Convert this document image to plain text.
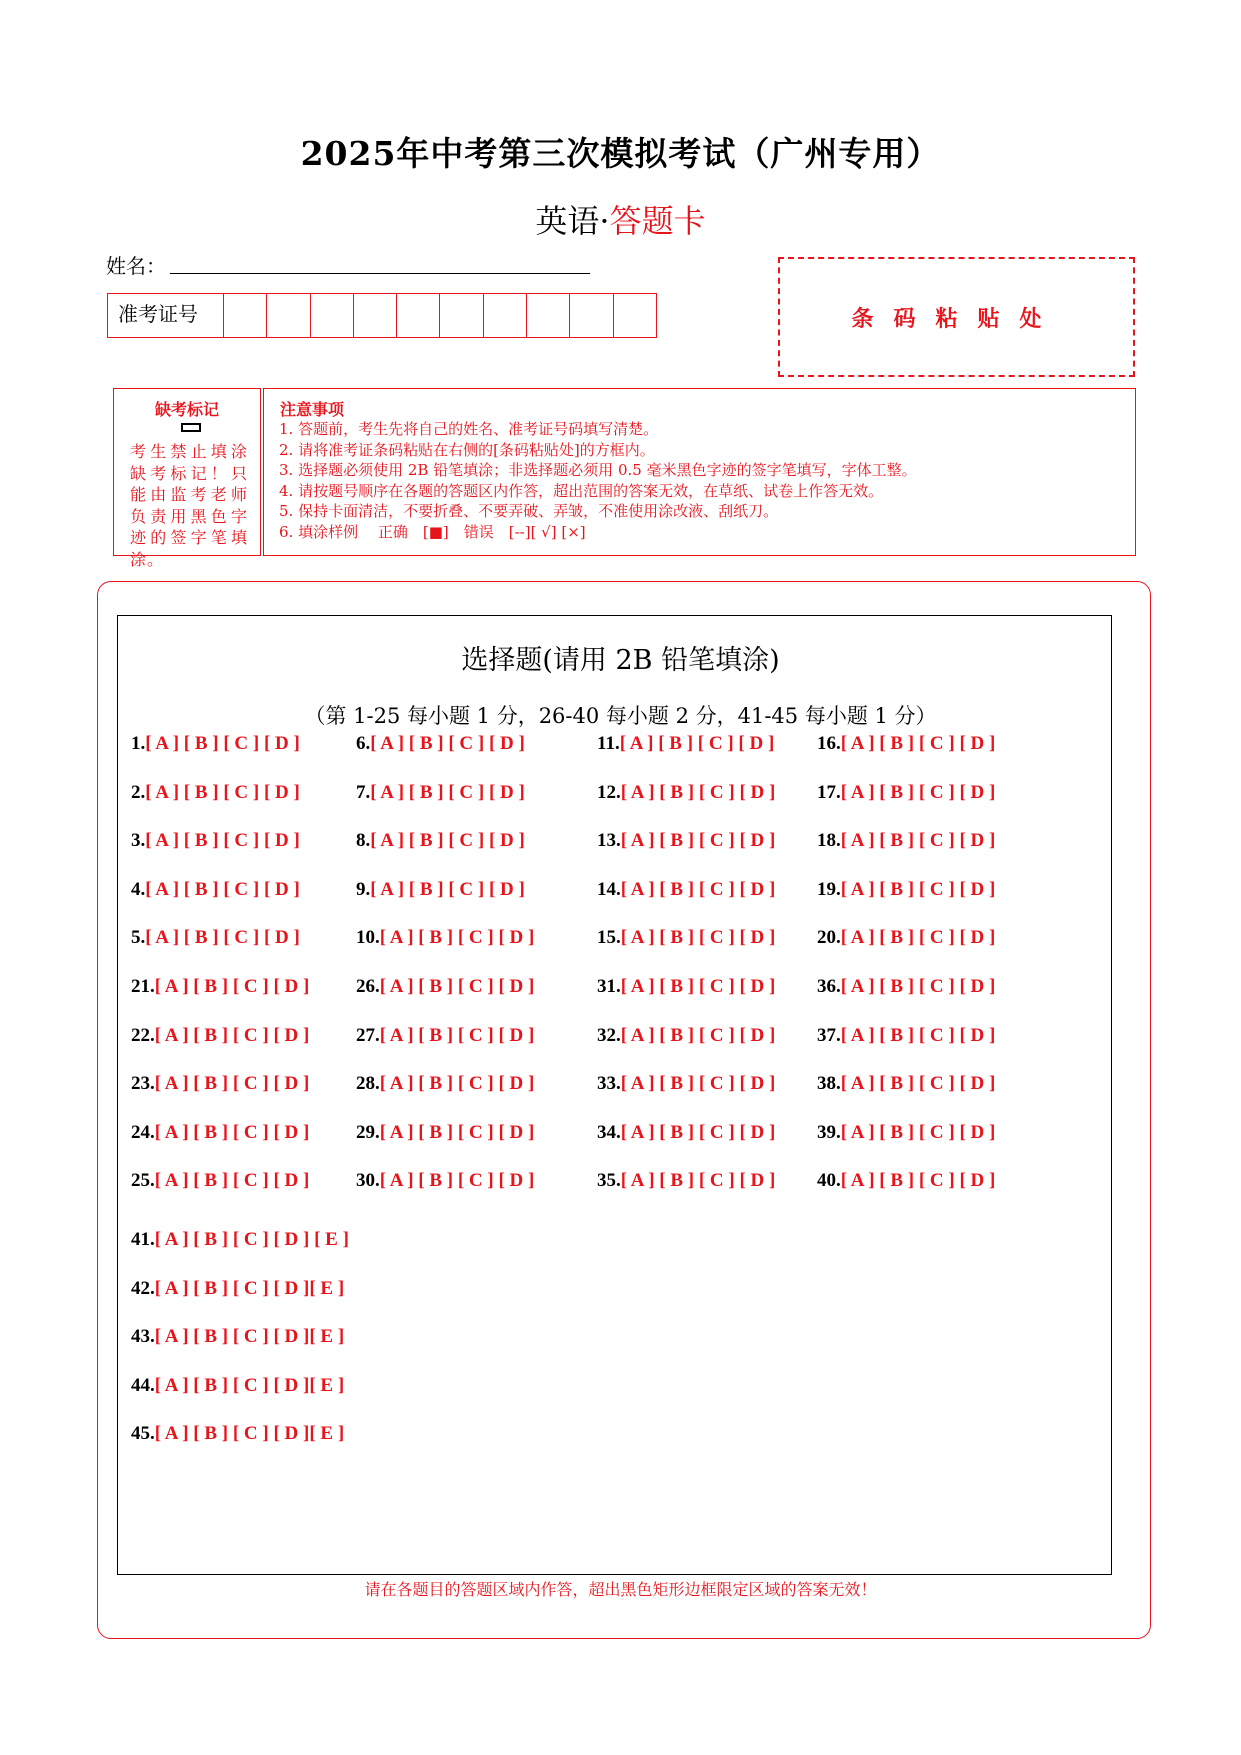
2025年中考第三次模拟考试（广州专用）
英语·答题卡
姓名：
准考证号	条码粘贴处
缺考标记
考生禁止填涂缺考标记！只能由监考老师负责用黑色字迹的签字笔填涂。
注意事项
1. 答题前，考生先将自己的姓名、准考证号码填写清楚。
2. 请将准考证条码粘贴在右侧的[条码粘贴处]的方框内。
3. 选择题必须使用 2B 铅笔填涂；非选择题必须用 0.5 毫米黑色字迹的签字笔填写，字体工整。
4. 请按题号顺序在各题的答题区内作答，超出范围的答案无效，在草纸、试卷上作答无效。
5. 保持卡面清洁，不要折叠、不要弄破、弄皱，不准使用涂改液、刮纸刀。
6. 填涂样例　 正确　[■]　错误　[--][ √] [×]
选择题(请用 2B 铅笔填涂)
（第 1-25 每小题 1 分，26-40 每小题 2 分，41-45 每小题 1 分）
1.[ A ] [ B ] [ C ] [ D ]
2.[ A ] [ B ] [ C ] [ D ]
3.[ A ] [ B ] [ C ] [ D ]
4.[ A ] [ B ] [ C ] [ D ]
5.[ A ] [ B ] [ C ] [ D ]
6.[ A ] [ B ] [ C ] [ D ]
7.[ A ] [ B ] [ C ] [ D ]
8.[ A ] [ B ] [ C ] [ D ]
9.[ A ] [ B ] [ C ] [ D ]
10.[ A ] [ B ] [ C ] [ D ]
11.[ A ] [ B ] [ C ] [ D ]
12.[ A ] [ B ] [ C ] [ D ]
13.[ A ] [ B ] [ C ] [ D ]
14.[ A ] [ B ] [ C ] [ D ]
15.[ A ] [ B ] [ C ] [ D ]
16.[ A ] [ B ] [ C ] [ D ]
17.[ A ] [ B ] [ C ] [ D ]
18.[ A ] [ B ] [ C ] [ D ]
19.[ A ] [ B ] [ C ] [ D ]
20.[ A ] [ B ] [ C ] [ D ]
21.[ A ] [ B ] [ C ] [ D ]
22.[ A ] [ B ] [ C ] [ D ]
23.[ A ] [ B ] [ C ] [ D ]
24.[ A ] [ B ] [ C ] [ D ]
25.[ A ] [ B ] [ C ] [ D ]
26.[ A ] [ B ] [ C ] [ D ]
27.[ A ] [ B ] [ C ] [ D ]
28.[ A ] [ B ] [ C ] [ D ]
29.[ A ] [ B ] [ C ] [ D ]
30.[ A ] [ B ] [ C ] [ D ]
31.[ A ] [ B ] [ C ] [ D ]
32.[ A ] [ B ] [ C ] [ D ]
33.[ A ] [ B ] [ C ] [ D ]
34.[ A ] [ B ] [ C ] [ D ]
35.[ A ] [ B ] [ C ] [ D ]
36.[ A ] [ B ] [ C ] [ D ]
37.[ A ] [ B ] [ C ] [ D ]
38.[ A ] [ B ] [ C ] [ D ]
39.[ A ] [ B ] [ C ] [ D ]
40.[ A ] [ B ] [ C ] [ D ]
41.[ A ] [ B ] [ C ] [ D ] [ E ]
42.[ A ] [ B ] [ C ] [ D ][ E ]
43.[ A ] [ B ] [ C ] [ D ][ E ]
44.[ A ] [ B ] [ C ] [ D ][ E ]
45.[ A ] [ B ] [ C ] [ D ][ E ]
请在各题目的答题区域内作答，超出黑色矩形边框限定区域的答案无效！
